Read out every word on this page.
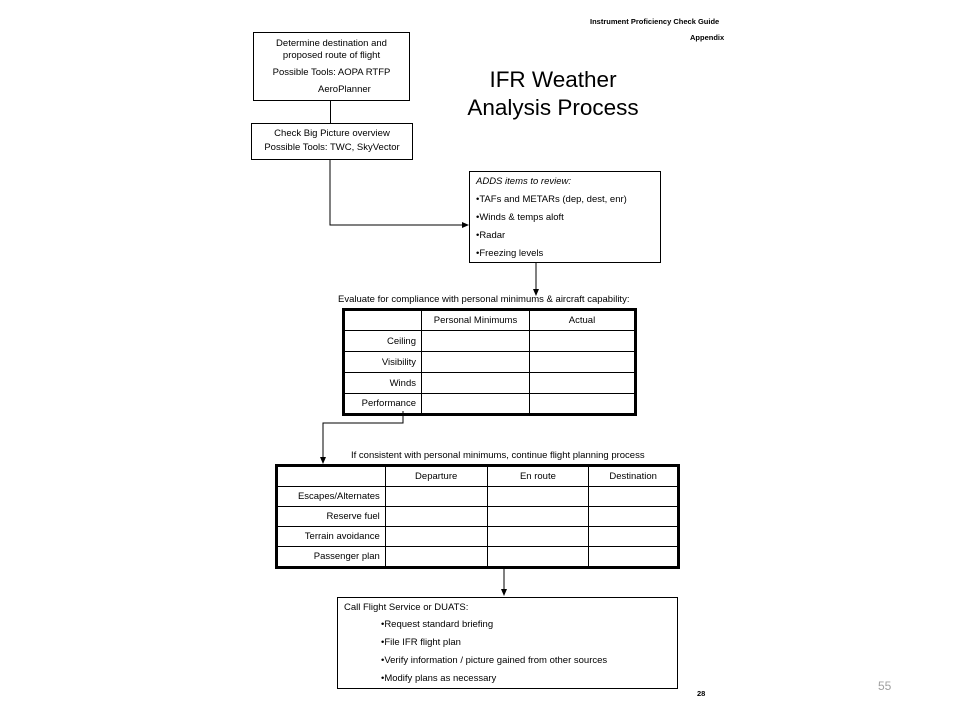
Instrument Proficiency Check Guide
Appendix
IFR Weather
Analysis Process
Determine destination and
proposed route of flight
Possible Tools: AOPA RTFP
AeroPlanner
Check Big Picture overview
Possible Tools: TWC, SkyVector
ADDS items to review:
•TAFs and METARs (dep, dest, enr)
•Winds & temps aloft
•Radar
•Freezing levels
Evaluate for compliance with personal minimums & aircraft capability:
	Personal Minimums	Actual
Ceiling		
Visibility		
Winds		
Performance		
If consistent with personal minimums, continue flight planning process
	Departure	En route	Destination
Escapes/Alternates			
Reserve fuel			
Terrain avoidance			
Passenger plan			
Call Flight Service or DUATS:
•Request standard briefing
•File IFR flight plan
•Verify information / picture gained from other sources
•Modify plans as necessary
28
55
